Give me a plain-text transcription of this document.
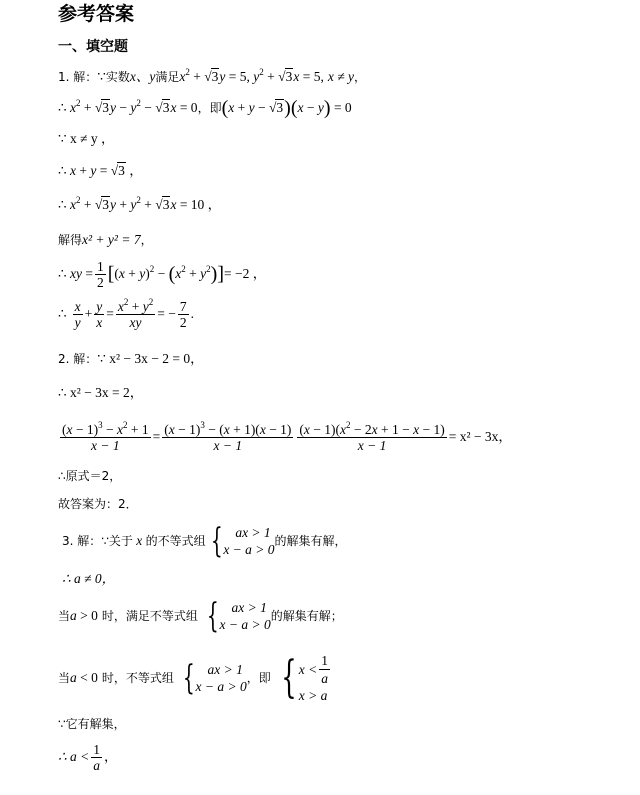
参考答案
一、填空题
1. 解：∵实数x、y满足$x^2 + √3y = 5$, $y^2 + √3x = 5$, x ≠ y，
∴ $x^2 + √3y - y^2 - √3x = 0$，即(x + y − √3)(x − y) = 0
∵ x ≠ y ，
∴ x + y = √3 ，
∴ $x^2 + √3y + y^2 + √3x = 10$ ，
解得x² + y² = 7，
∴ xy = $\frac{1}{2} [(x + y)^2 - (x^2 + y^2)] = -2$ ，
∴
$\frac{x}{y} + \frac{y}{x} = \frac{x^2 + y^2}{xy}$ = − $\frac{7}{2}$ .
2. 解：∵ x² − 3x − 2 = 0，
∴ x² − 3x = 2，
$\frac{(x - 1)^3 - x^2 + 1}{x - 1} = \frac{(x - 1)^3 - (x + 1)(x - 1)}{x - 1} \frac{(x - 1)(x^2 - 2x + 1 - x - 1)}{x - 1} = x^2 - 3x$，
∴原式＝2，
故答案为：2．
3. 解： ∵关于 x 的不等式组 { ax > 1
x − a > 0
的解集有解，
∴ a ≠ 0，
当 a > 0
时，满足不等式组
{ ax > 1
x − a > 0
的解集有解；
当 a < 0
时，不等式组
{ ax > 1
x − a > 0
，即
{ $x < \frac{1}{a}$
x > a
∵它有解集，
∴ $a < \frac{1}{a}$ ，
